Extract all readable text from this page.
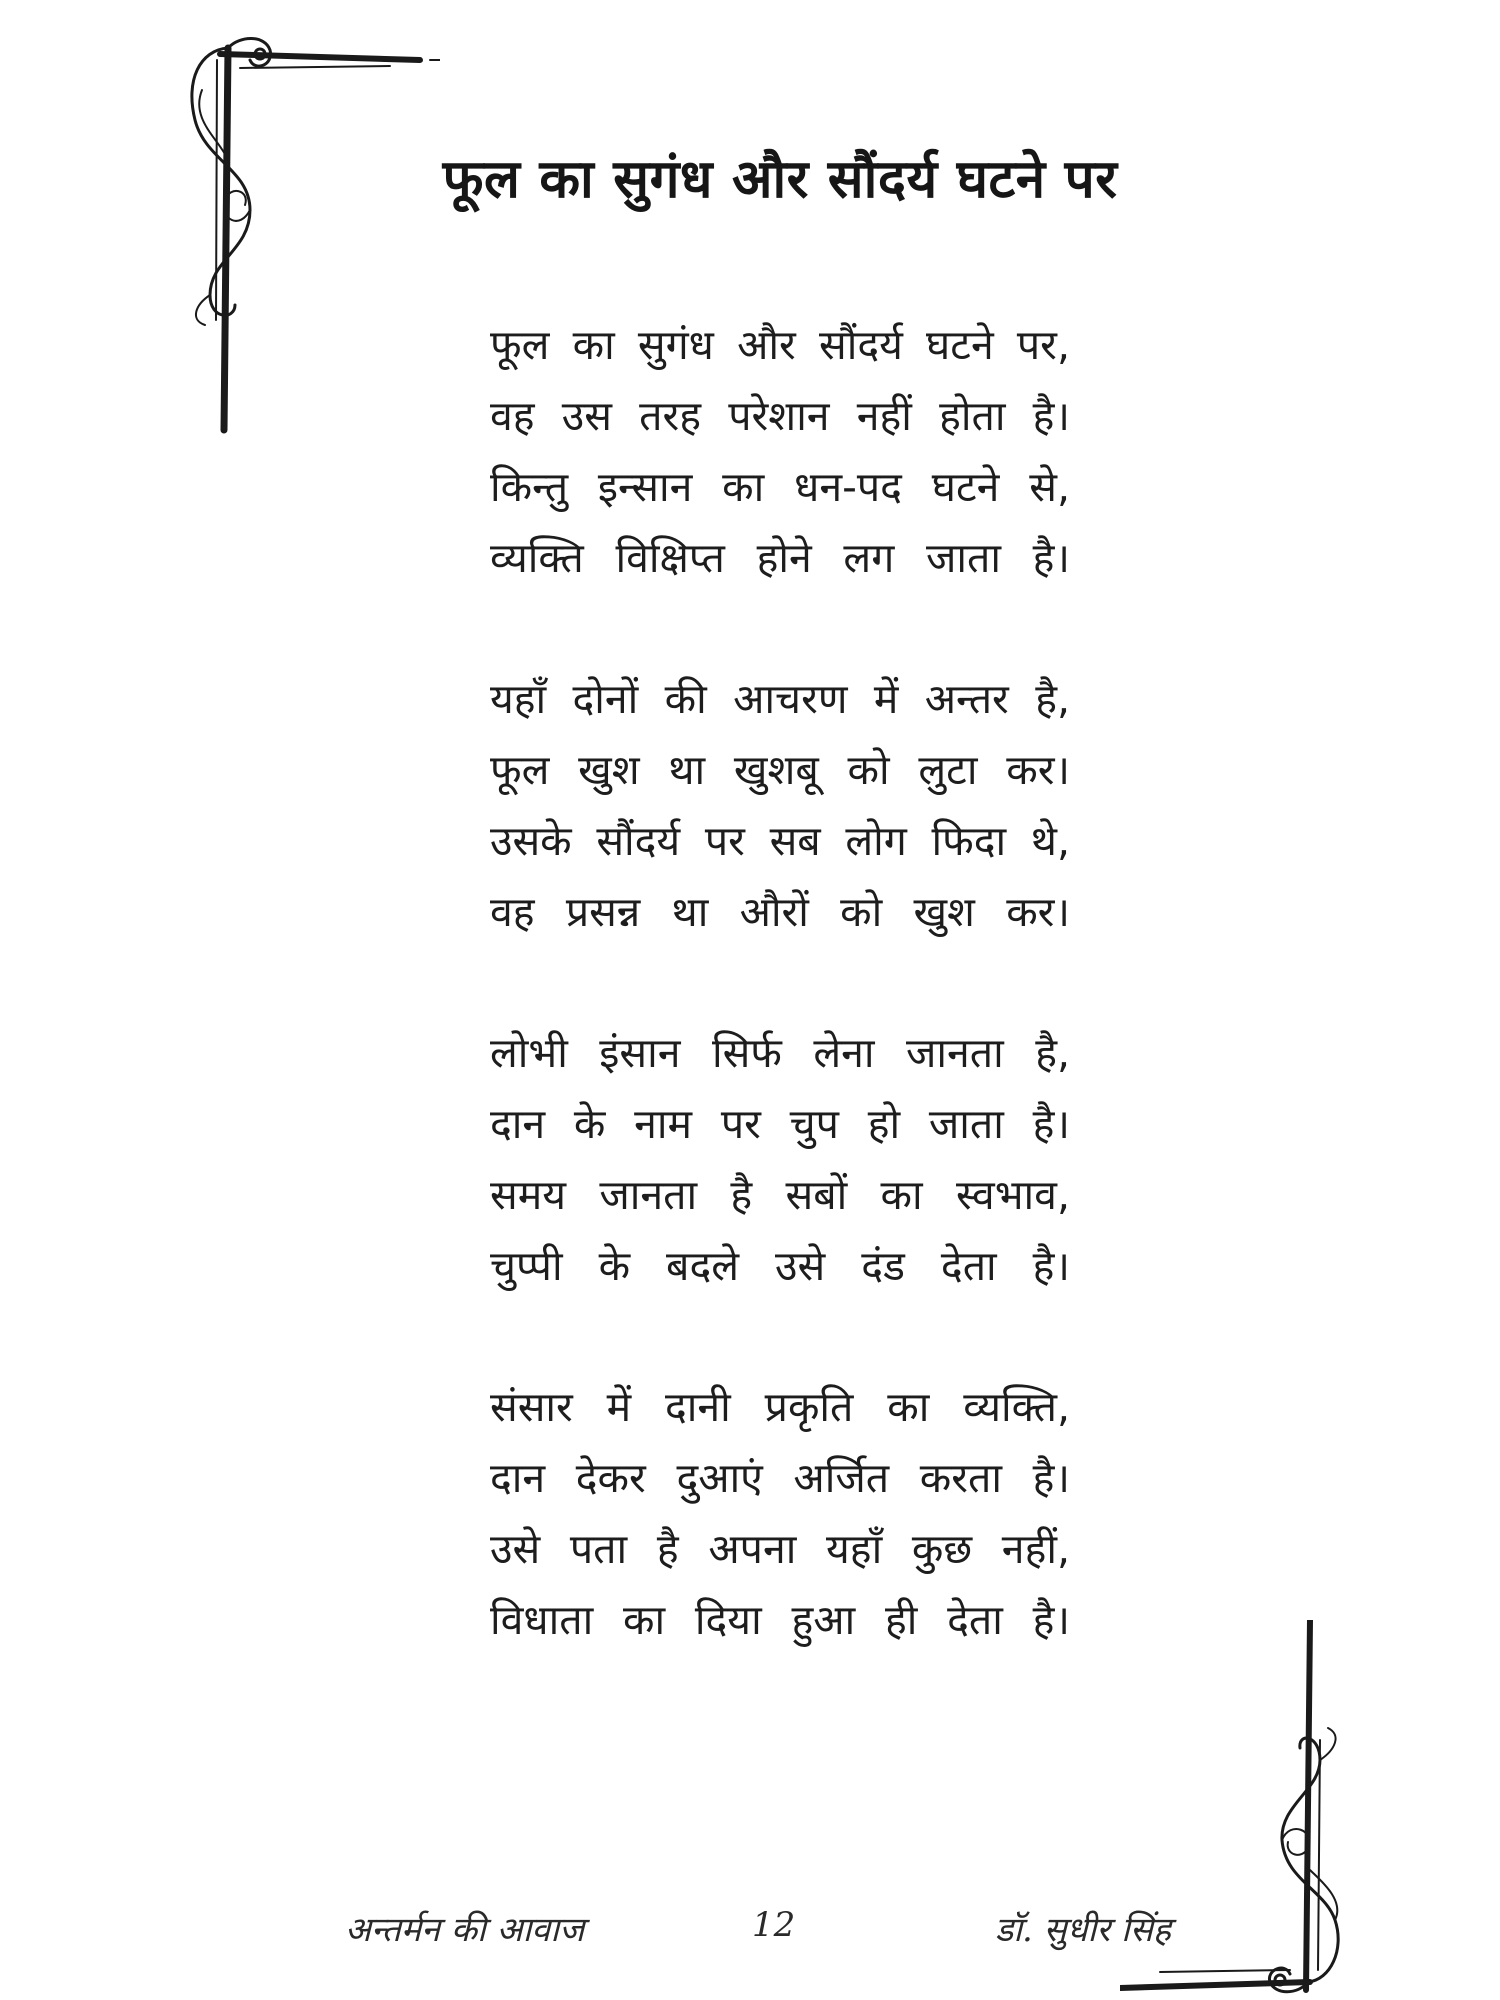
फूल का सुगंध और सौंदर्य घटने पर
फूल का सुगंध और सौंदर्य घटने पर,
वह उस तरह परेशान नहीं होता है।
किन्तु इन्सान का धन-पद घटने से,
व्यक्ति विक्षिप्त होने लग जाता है।
यहाँ दोनों की आचरण में अन्तर है,
फूल खुश था खुशबू को लुटा कर।
उसके सौंदर्य पर सब लोग फिदा थे,
वह प्रसन्न था औरों को खुश कर।
लोभी इंसान सिर्फ लेना जानता है,
दान के नाम पर चुप हो जाता है।
समय जानता है सबों का स्वभाव,
चुप्पी के बदले उसे दंड देता है।
संसार में दानी प्रकृति का व्यक्ति,
दान देकर दुआएं अर्जित करता है।
उसे पता है अपना यहाँ कुछ नहीं,
विधाता का दिया हुआ ही देता है।
अन्तर्मन की आवाज	12	डॉ. सुधीर सिंह
